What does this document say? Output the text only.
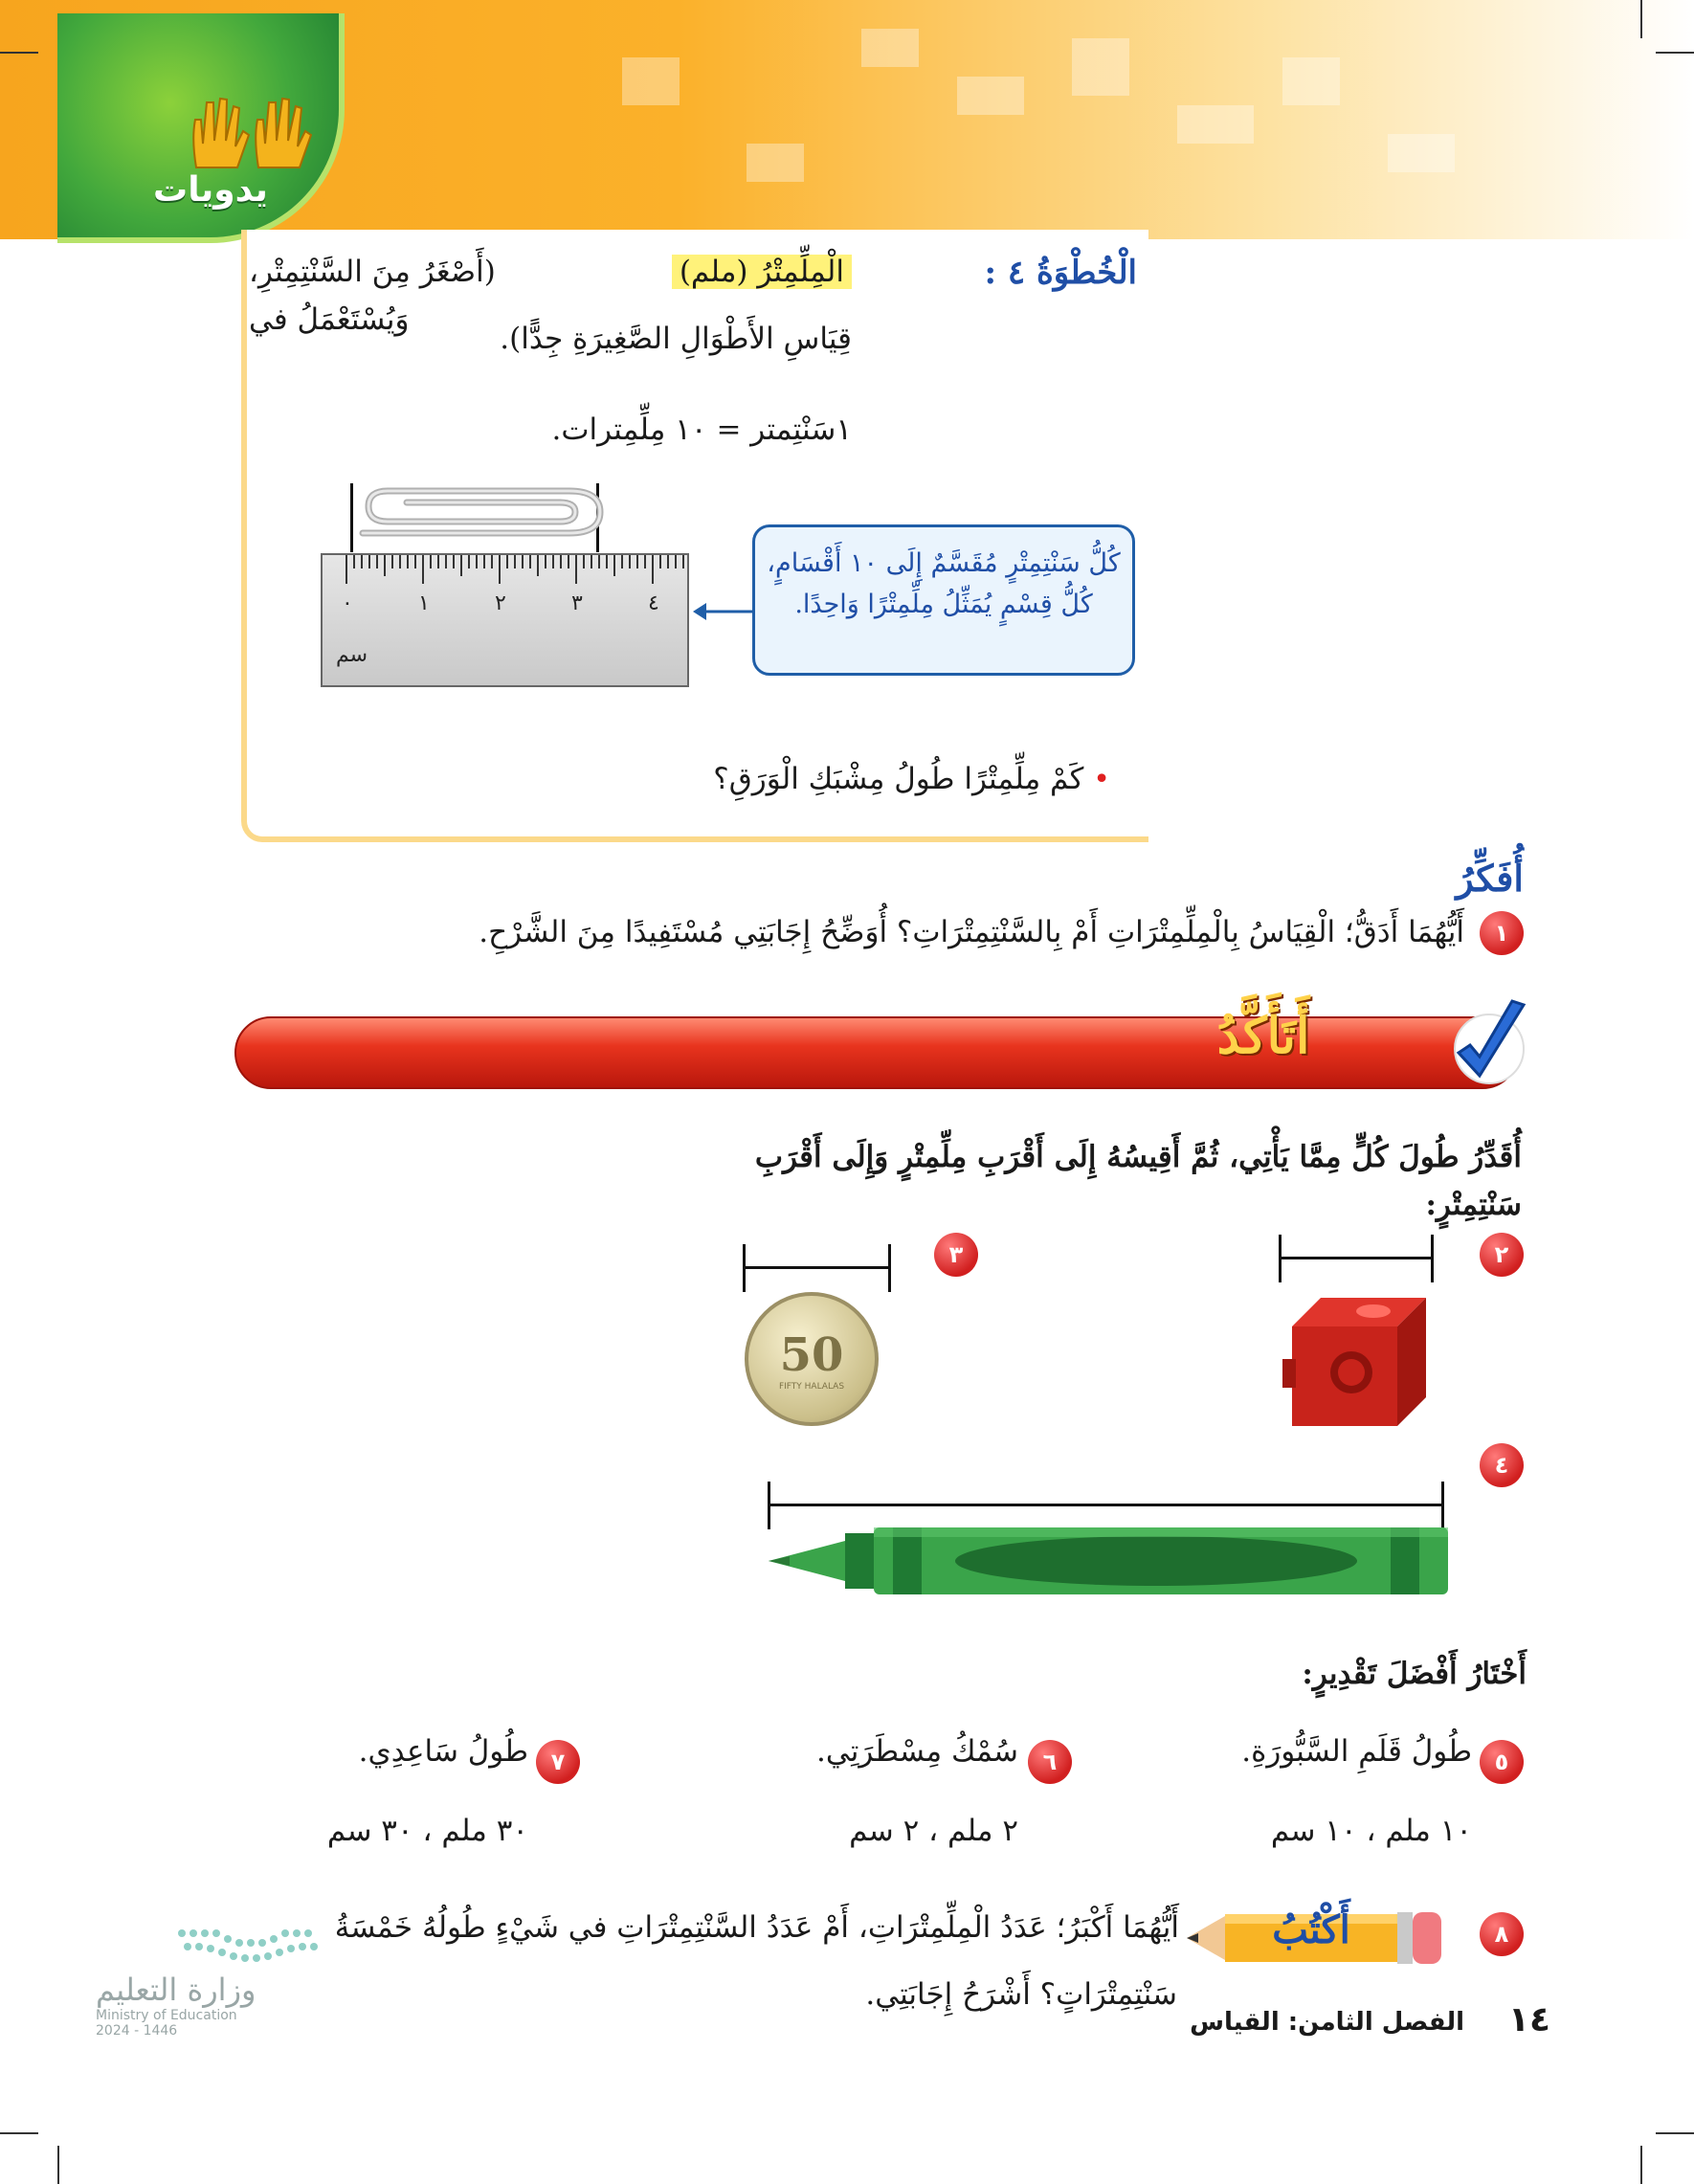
يدويات
الْخُطْوَةُ ٤ :
الْمِلِّمِتْرُ (ملم)
(أَصْغَرُ مِنَ السَّنْتِمِتْرِ، وَيُسْتَعْمَلُ في
قِيَاسِ الأَطْوَالِ الصَّغِيرَةِ جِدًّا).
١سَنْتِمتر = ١٠ مِلِّمِترات.
٠	١	٢	٣	٤
سم
كُلُّ سَنْتِمِتْرٍ مُقَسَّمٌ إِلَى ١٠ أَقْسَامٍ،
كُلُّ قِسْمٍ يُمَثِّلُ مِلِّمِتْرًا وَاحِدًا.
• كَمْ مِلِّمِتْرًا طُولُ مِشْبَكِ الْوَرَقِ؟
أُفَكِّرُ
١
أَيُّهُمَا أَدَقُّ؛ الْقِيَاسُ بِالْمِلِّمِتْرَاتِ أَمْ بِالسَّنْتِمِتْرَاتِ؟ أُوَضِّحُ إِجَابَتِي مُسْتَفِيدًا مِنَ الشَّرْحِ.
أَتَأَكَّدُ
أُقَدِّرُ طُولَ كُلٍّ مِمَّا يَأْتِي، ثُمَّ أَقِيسُهُ إِلَى أَقْرَبِ مِلِّمِتْرٍ وَإِلَى أَقْرَبِ سَنْتِمِتْرٍ:
٢
٣
50
FIFTY HALALAS
٤
أَخْتَارُ أَفْضَلَ تَقْدِيرٍ:
٥
طُولُ قَلَمِ السَّبُّورَةِ.
١٠ ملم ، ١٠ سم
٦
سُمْكُ مِسْطَرَتِي.
٢ ملم ، ٢ سم
٧
طُولُ سَاعِدِي.
٣٠ ملم ، ٣٠ سم
٨
أَكْتُبُ
أَيُّهُمَا أَكْبَرُ؛ عَدَدُ الْمِلِّمِتْرَاتِ، أَمْ عَدَدُ السَّنْتِمِتْرَاتِ في شَيْءٍ طُولُهُ خَمْسَةُ
سَنْتِمِتْرَاتٍ؟ أَشْرَحُ إِجَابَتِي.
وزارة التعليم
Ministry of Education
2024 - 1446	١٤
الفصل الثامن: القياس
